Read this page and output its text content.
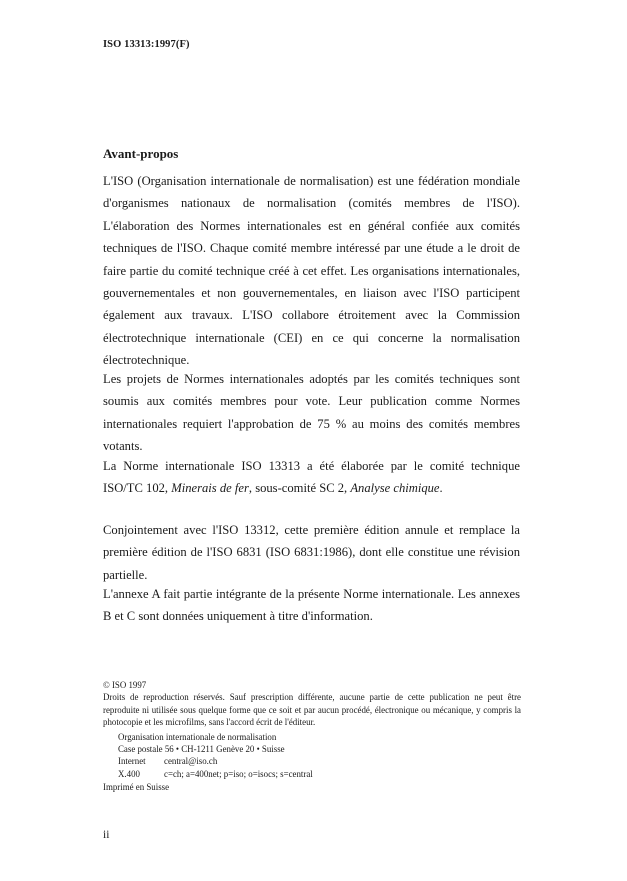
ISO 13313:1997(F)
Avant-propos
L'ISO (Organisation internationale de normalisation) est une fédération mondiale d'organismes nationaux de normalisation (comités membres de l'ISO). L'élaboration des Normes internationales est en général confiée aux comités techniques de l'ISO. Chaque comité membre intéressé par une étude a le droit de faire partie du comité technique créé à cet effet. Les organisations internationales, gouvernementales et non gouvernementales, en liaison avec l'ISO participent également aux travaux. L'ISO collabore étroitement avec la Commission électrotechnique internationale (CEI) en ce qui concerne la normalisation électrotechnique.
Les projets de Normes internationales adoptés par les comités techniques sont soumis aux comités membres pour vote. Leur publication comme Normes internationales requiert l'approbation de 75 % au moins des comités membres votants.
La Norme internationale ISO 13313 a été élaborée par le comité technique ISO/TC 102, Minerais de fer, sous-comité SC 2, Analyse chimique.
Conjointement avec l'ISO 13312, cette première édition annule et remplace la première édition de l'ISO 6831 (ISO 6831:1986), dont elle constitue une révision partielle.
L'annexe A fait partie intégrante de la présente Norme internationale. Les annexes B et C sont données uniquement à titre d'information.
© ISO 1997
Droits de reproduction réservés. Sauf prescription différente, aucune partie de cette publication ne peut être reproduite ni utilisée sous quelque forme que ce soit et par aucun procédé, électronique ou mécanique, y compris la photocopie et les microfilms, sans l'accord écrit de l'éditeur.
Organisation internationale de normalisation
Case postale 56 • CH-1211 Genève 20 • Suisse
Internet	central@iso.ch
X.400	c=ch; a=400net; p=iso; o=isocs; s=central
Imprimé en Suisse
ii
